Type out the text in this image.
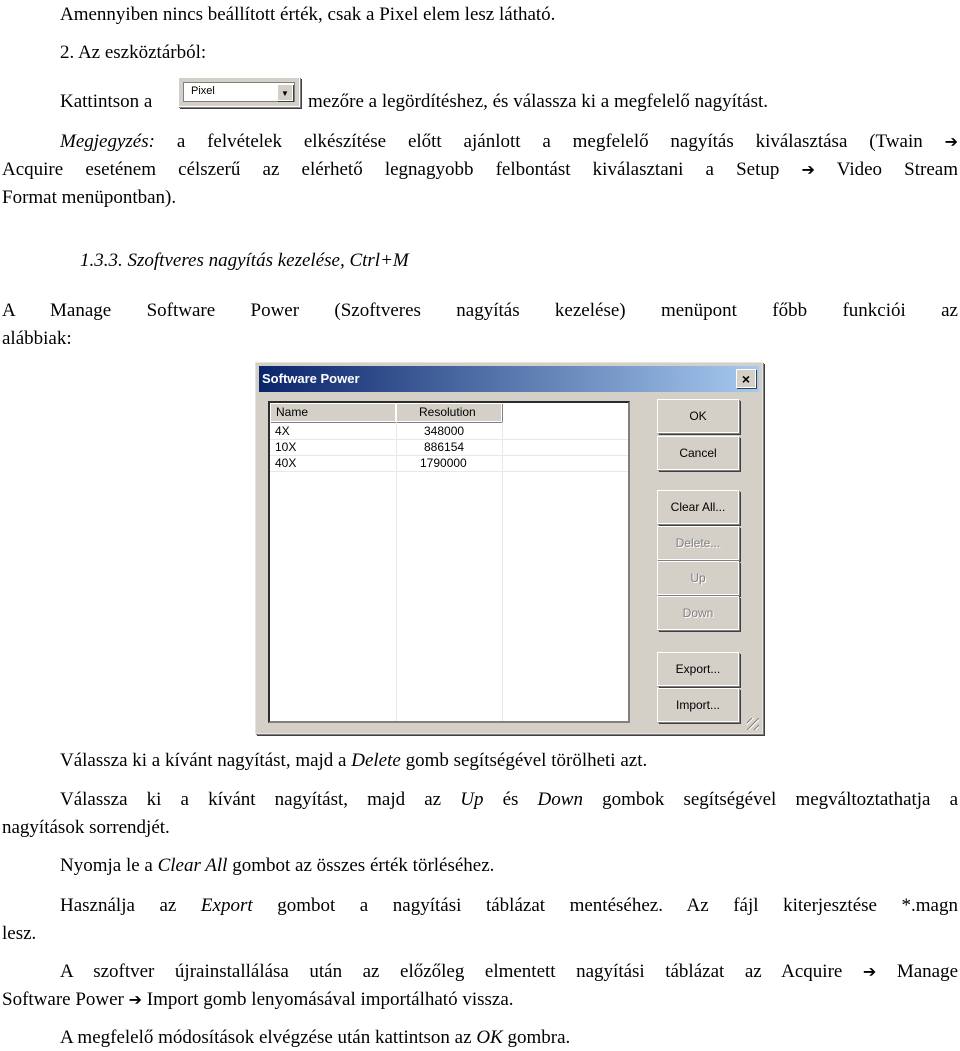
Amennyiben nincs beállított érték, csak a Pixel elem lesz látható.
2. Az eszköztárból:
Kattintson a	Pixel	▼ mezőre a legördítéshez, és válassza ki a megfelelő nagyítást.
Megjegyzés: a felvételek elkészítése előtt ajánlott a megfelelő nagyítás kiválasztása (Twain ➔
Acquire eseténem célszerű az elérhető legnagyobb felbontást kiválasztani a Setup ➔ Video Stream
Format menüpontban).
1.3.3. Szoftveres nagyítás kezelése, Ctrl+M
A Manage Software Power (Szoftveres nagyítás kezelése) menüpont főbb funkciói az
alábbiak:
Software Power	×
Name	Resolution
4X	348000
10X	886154
40X	1790000
OK
Cancel
Clear All...
Delete...
Up
Down
Export...
Import...
Válassza ki a kívánt nagyítást, majd a Delete gomb segítségével törölheti azt.
Válassza ki a kívánt nagyítást, majd az Up és Down gombok segítségével megváltoztathatja a
nagyítások sorrendjét.
Nyomja le a Clear All gombot az összes érték törléséhez.
Használja az Export gombot a nagyítási táblázat mentéséhez. Az fájl kiterjesztése *.magn
lesz.
A szoftver újrainstallálása után az előzőleg elmentett nagyítási táblázat az Acquire ➔ Manage
Software Power ➔ Import gomb lenyomásával importálható vissza.
A megfelelő módosítások elvégzése után kattintson az OK gombra.
